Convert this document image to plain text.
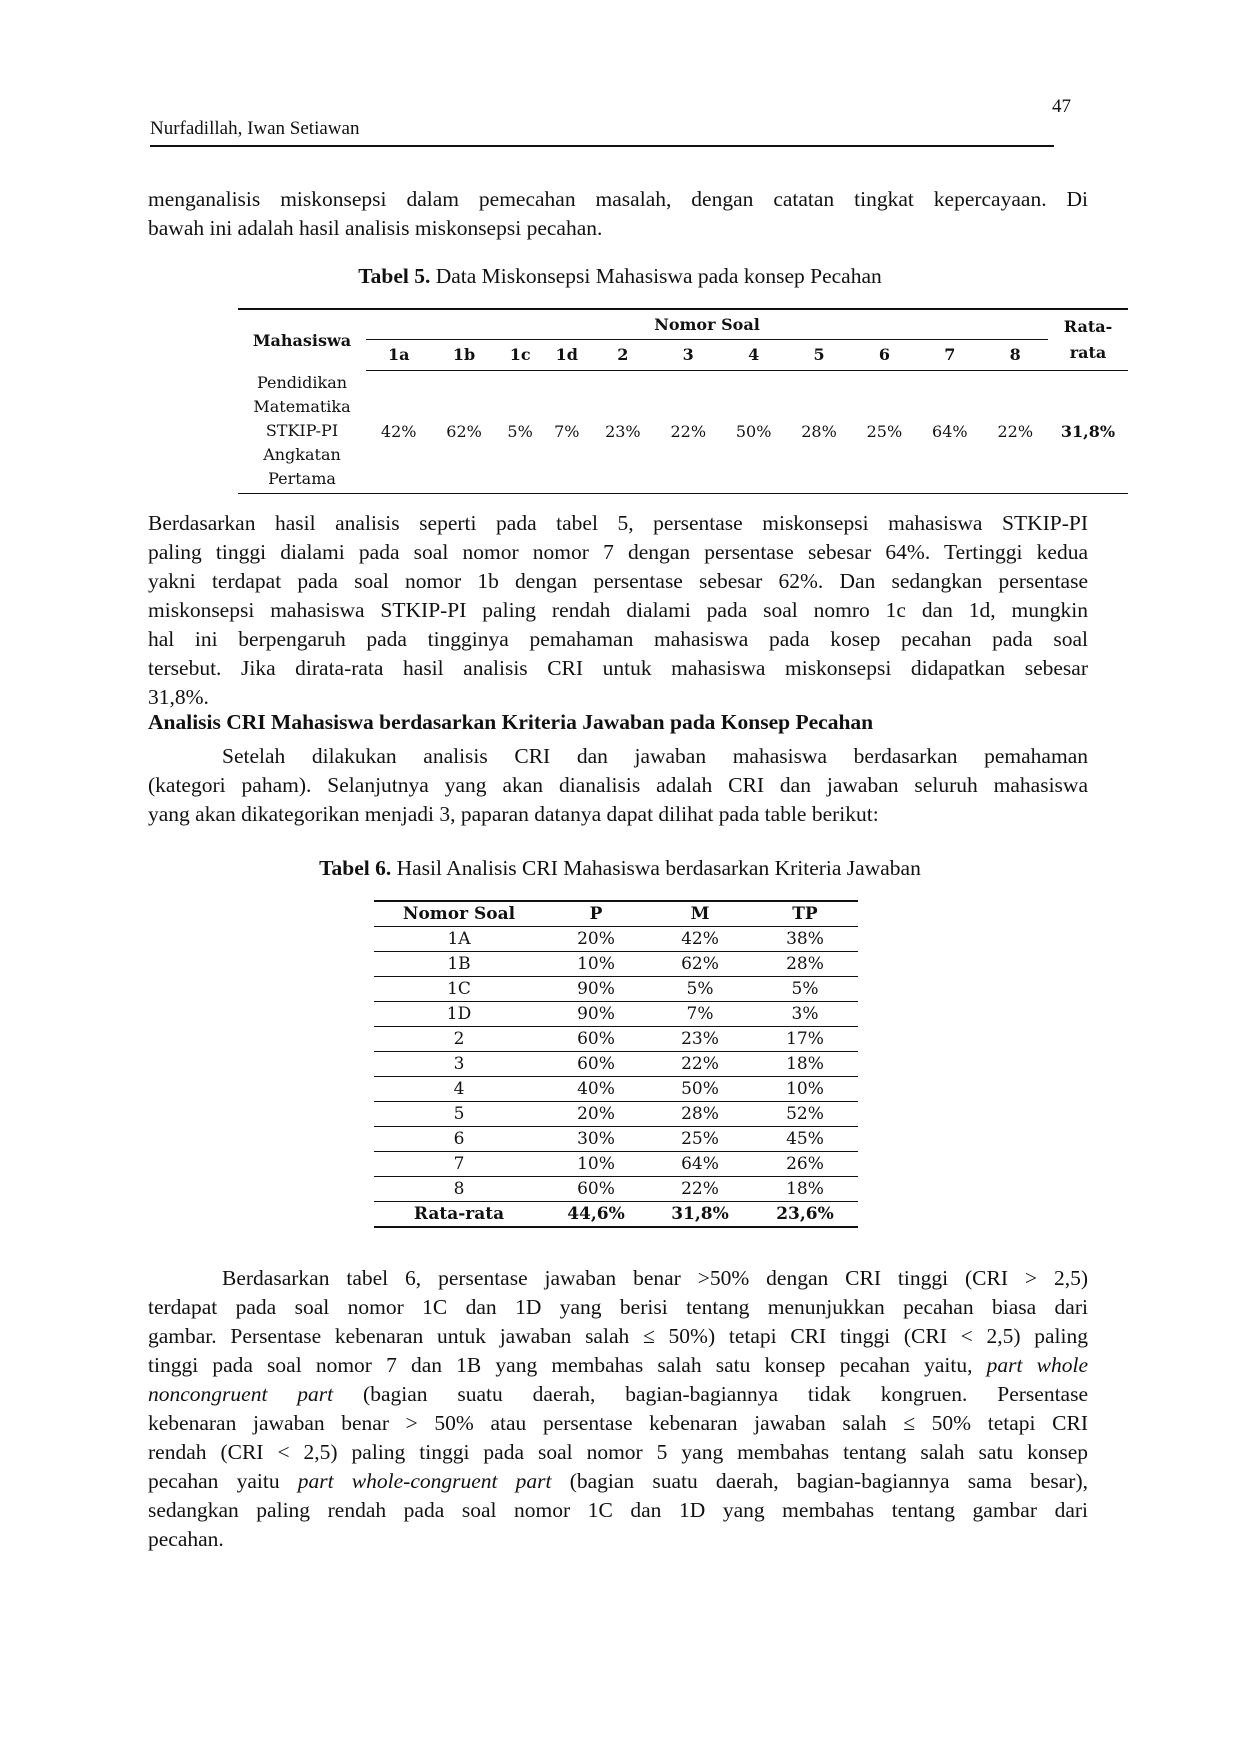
47
Nurfadillah, Iwan Setiawan

menganalisis miskonsepsi dalam pemecahan masalah, dengan catatan tingkat kepercayaan. Di
bawah ini adalah hasil analisis miskonsepsi pecahan.

Tabel 5. Data Miskonsepsi Mahasiswa pada konsep Pecahan

Mahasiswa	Nomor Soal											Rata-
rata
	1a	1b	1c	1d	2	3	4	5	6	7	8	
Pendidikan
Matematika
STKIP-PI
Angkatan
Pertama	42%	62%	5%	7%	23%	22%	50%	28%	25%	64%	22%	31,8%

Berdasarkan hasil analisis seperti pada tabel 5, persentase miskonsepsi mahasiswa STKIP-PI
paling tinggi dialami pada soal nomor nomor 7 dengan persentase sebesar 64%. Tertinggi kedua
yakni terdapat pada soal nomor 1b dengan persentase sebesar 62%. Dan sedangkan persentase
miskonsepsi mahasiswa STKIP-PI paling rendah dialami pada soal nomro 1c dan 1d, mungkin
hal ini berpengaruh pada tingginya pemahaman mahasiswa pada kosep pecahan pada soal
tersebut. Jika dirata-rata hasil analisis CRI untuk mahasiswa miskonsepsi didapatkan sebesar
31,8%.

Analisis CRI Mahasiswa berdasarkan Kriteria Jawaban pada Konsep Pecahan

Setelah dilakukan analisis CRI dan jawaban mahasiswa berdasarkan pemahaman
(kategori paham). Selanjutnya yang akan dianalisis adalah CRI dan jawaban seluruh mahasiswa
yang akan dikategorikan menjadi 3, paparan datanya dapat dilihat pada table berikut:

Tabel 6. Hasil Analisis CRI Mahasiswa berdasarkan Kriteria Jawaban

Nomor Soal	P	M	TP
1A	20%	42%	38%
1B	10%	62%	28%
1C	90%	5%	5%
1D	90%	7%	3%
2	60%	23%	17%
3	60%	22%	18%
4	40%	50%	10%
5	20%	28%	52%
6	30%	25%	45%
7	10%	64%	26%
8	60%	22%	18%
Rata-rata	44,6%	31,8%	23,6%

Berdasarkan tabel 6, persentase jawaban benar >50% dengan CRI tinggi (CRI > 2,5)
terdapat pada soal nomor 1C dan 1D yang berisi tentang menunjukkan pecahan biasa dari
gambar. Persentase kebenaran untuk jawaban salah ≤ 50%) tetapi CRI tinggi (CRI < 2,5) paling
tinggi pada soal nomor 7 dan 1B yang membahas salah satu konsep pecahan yaitu, part whole
noncongruent part (bagian suatu daerah, bagian-bagiannya tidak kongruen. Persentase
kebenaran jawaban benar > 50% atau persentase kebenaran jawaban salah ≤ 50% tetapi CRI
rendah (CRI < 2,5) paling tinggi pada soal nomor 5 yang membahas tentang salah satu konsep
pecahan yaitu part whole-congruent part (bagian suatu daerah, bagian-bagiannya sama besar),
sedangkan paling rendah pada soal nomor 1C dan 1D yang membahas tentang gambar dari
pecahan.
